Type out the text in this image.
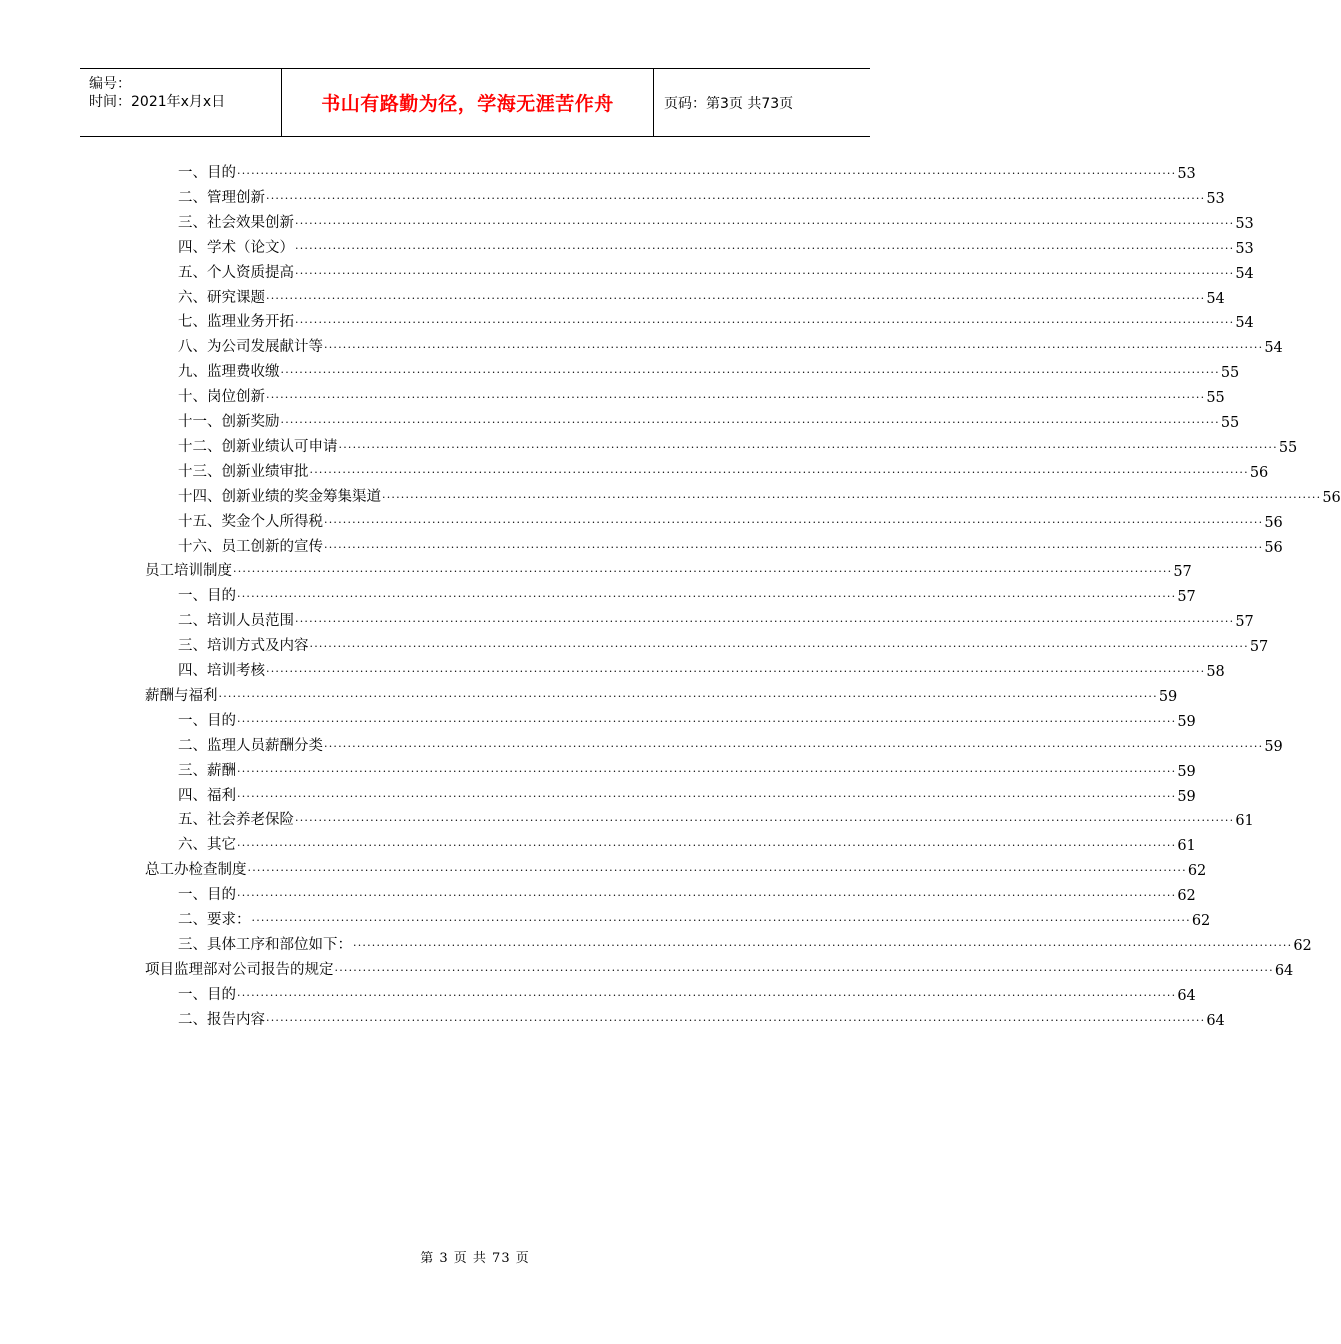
编号：
时间：2021年x月x日	书山有路勤为径，学海无涯苦作舟	页码：第3页 共73页
一、目的 ········································································································································································································ 53
二、管理创新 ········································································································································································································ 53
三、社会效果创新 ········································································································································································································ 53
四、学术（论文） ········································································································································································································ 53
五、个人资质提高 ········································································································································································································ 54
六、研究课题 ········································································································································································································ 54
七、监理业务开拓 ········································································································································································································ 54
八、为公司发展献计等 ········································································································································································································ 54
九、监理费收缴 ········································································································································································································ 55
十、岗位创新 ········································································································································································································ 55
十一、创新奖励 ········································································································································································································ 55
十二、创新业绩认可申请 ········································································································································································································ 55
十三、创新业绩审批 ········································································································································································································ 56
十四、创新业绩的奖金筹集渠道 ········································································································································································································ 56
十五、奖金个人所得税 ········································································································································································································ 56
十六、员工创新的宣传 ········································································································································································································ 56
员工培训制度 ········································································································································································································ 57
一、目的 ········································································································································································································ 57
二、培训人员范围 ········································································································································································································ 57
三、培训方式及内容 ········································································································································································································ 57
四、培训考核 ········································································································································································································ 58
薪酬与福利 ········································································································································································································ 59
一、目的 ········································································································································································································ 59
二、监理人员薪酬分类 ········································································································································································································ 59
三、薪酬 ········································································································································································································ 59
四、福利 ········································································································································································································ 59
五、社会养老保险 ········································································································································································································ 61
六、其它 ········································································································································································································ 61
总工办检查制度 ········································································································································································································ 62
一、目的 ········································································································································································································ 62
二、要求： ········································································································································································································ 62
三、具体工序和部位如下： ········································································································································································································ 62
项目监理部对公司报告的规定 ········································································································································································································ 64
一、目的 ········································································································································································································ 64
二、报告内容 ········································································································································································································ 64
第 3 页 共 73 页
